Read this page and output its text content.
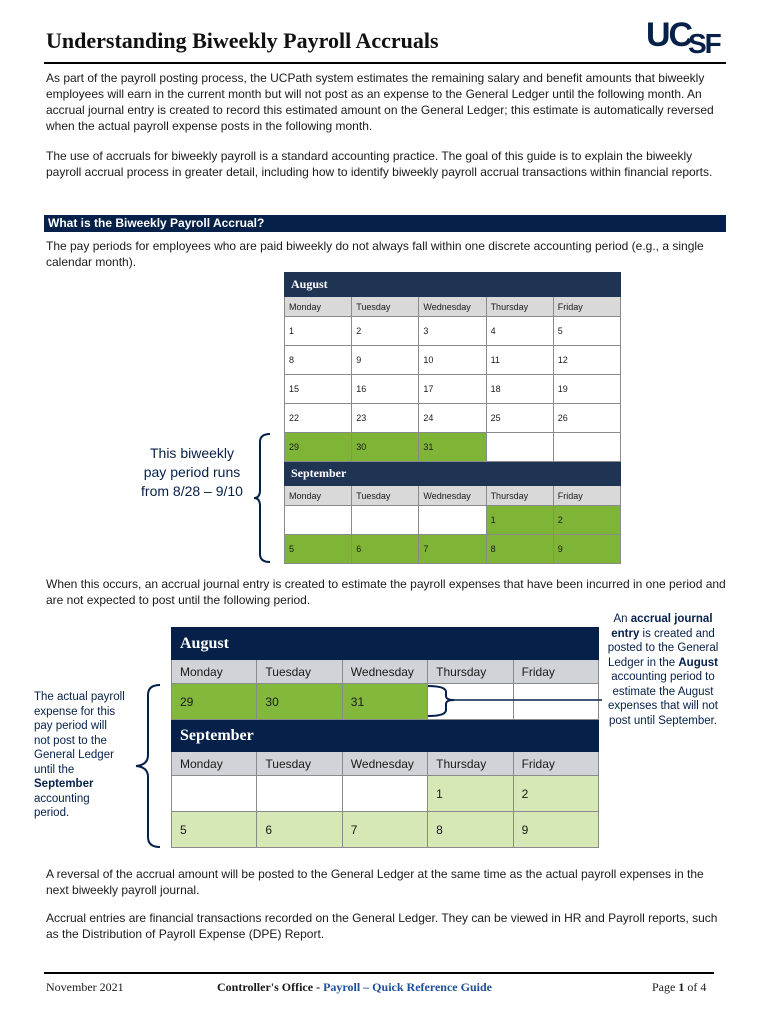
Understanding Biweekly Payroll Accruals	UC
SF

As part of the payroll posting process, the UCPath system estimates the remaining salary and benefit amounts that biweekly employees will earn in the current month but will not post as an expense to the General Ledger until the following month. An accrual journal entry is created to record this estimated amount on the General Ledger; this estimate is automatically reversed when the actual payroll expense posts in the following month.

The use of accruals for biweekly payroll is a standard accounting practice. The goal of this guide is to explain the biweekly payroll accrual process in greater detail, including how to identify biweekly payroll accrual transactions within financial reports.

What is the Biweekly Payroll Accrual?

The pay periods for employees who are paid biweekly do not always fall within one discrete accounting period (e.g., a single calendar month).

August				
Monday	Tuesday	Wednesday	Thursday	Friday
1	2	3	4	5
8	9	10	11	12
15	16	17	18	19
22	23	24	25	26
29	30	31		
September				
Monday	Tuesday	Wednesday	Thursday	Friday
			1	2
5	6	7	8	9
This biweekly pay period runs from 8/28 – 9/10

When this occurs, an accrual journal entry is created to estimate the payroll expenses that have been incurred in one period and are not expected to post until the following period.

August				
Monday	Tuesday	Wednesday	Thursday	Friday
29	30	31		
September				
Monday	Tuesday	Wednesday	Thursday	Friday
			1	2
5	6	7	8	9
The actual payroll expense for this pay period will not post to the General Ledger until the September accounting period.
An accrual journal entry is created and posted to the General Ledger in the August accounting period to estimate the August expenses that will not post until September.

A reversal of the accrual amount will be posted to the General Ledger at the same time as the actual payroll expenses in the next biweekly payroll journal.

Accrual entries are financial transactions recorded on the General Ledger. They can be viewed in HR and Payroll reports, such as the Distribution of Payroll Expense (DPE) Report.

November 2021	Controller's Office - Payroll – Quick Reference Guide	Page 1 of 4
